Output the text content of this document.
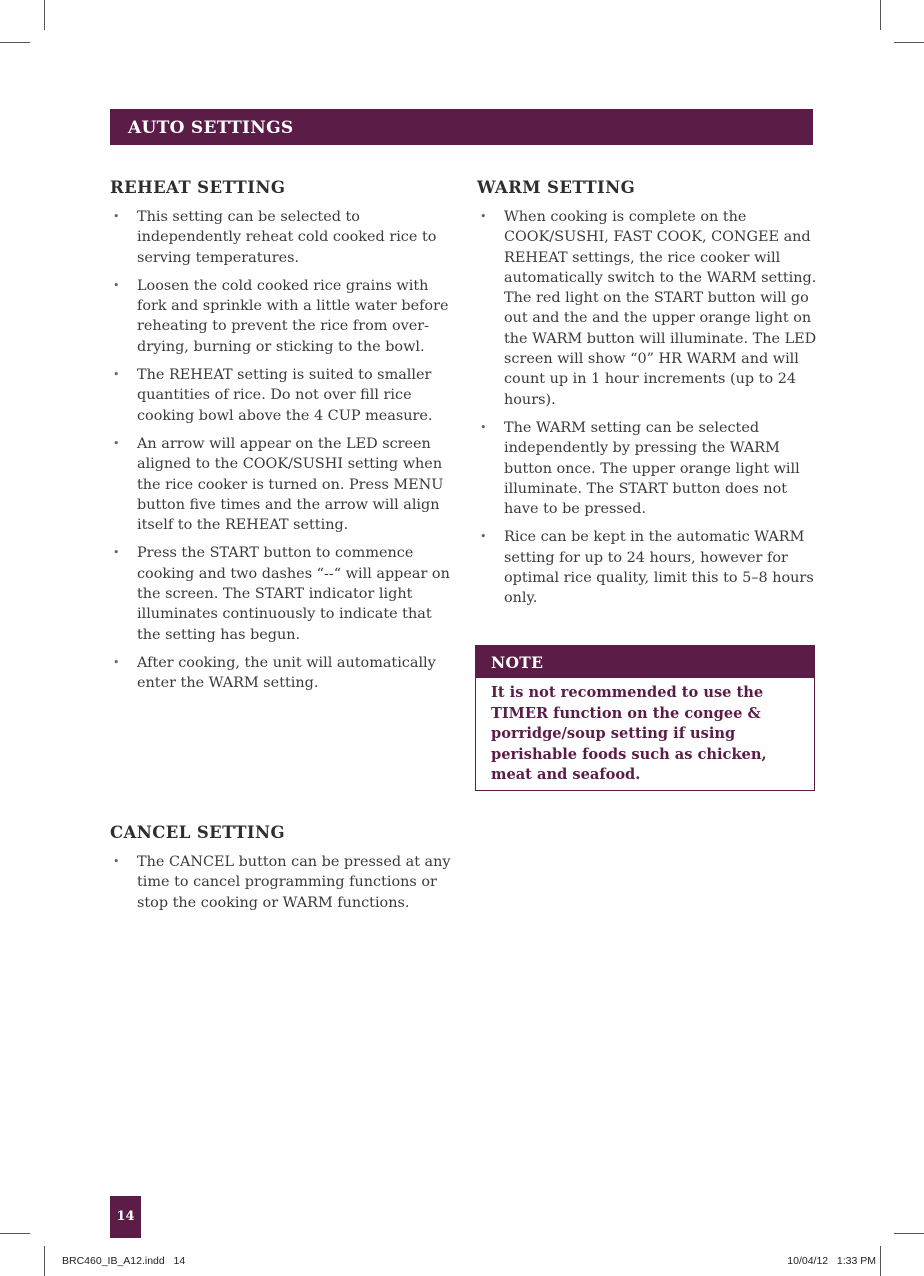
AUTO SETTINGS
REHEAT SETTING
• This setting can be selected to independently reheat cold cooked rice to serving temperatures.
• Loosen the cold cooked rice grains with fork and sprinkle with a little water before reheating to prevent the rice from over-drying, burning or sticking to the bowl.
• The REHEAT setting is suited to smaller quantities of rice. Do not over fill rice cooking bowl above the 4 CUP measure.
• An arrow will appear on the LED screen aligned to the COOK/SUSHI setting when the rice cooker is turned on. Press MENU button five times and the arrow will align itself to the REHEAT setting.
• Press the START button to commence cooking and two dashes “--“ will appear on the screen. The START indicator light illuminates continuously to indicate that the setting has begun.
• After cooking, the unit will automatically enter the WARM setting.
CANCEL SETTING
• The CANCEL button can be pressed at any time to cancel programming functions or stop the cooking or WARM functions.
WARM SETTING
• When cooking is complete on the COOK/SUSHI, FAST COOK, CONGEE and REHEAT settings, the rice cooker will automatically switch to the WARM setting. The red light on the START button will go out and the and the upper orange light on the WARM button will illuminate. The LED screen will show “0” HR WARM and will count up in 1 hour increments (up to 24 hours).
• The WARM setting can be selected independently by pressing the WARM button once. The upper orange light will illuminate. The START button does not have to be pressed.
• Rice can be kept in the automatic WARM setting for up to 24 hours, however for optimal rice quality, limit this to 5–8 hours only.
NOTE
It is not recommended to use the TIMER function on the congee & porridge/soup setting if using perishable foods such as chicken, meat and seafood.
14
BRC460_IB_A12.indd   14	10/04/12   1:33 PM
